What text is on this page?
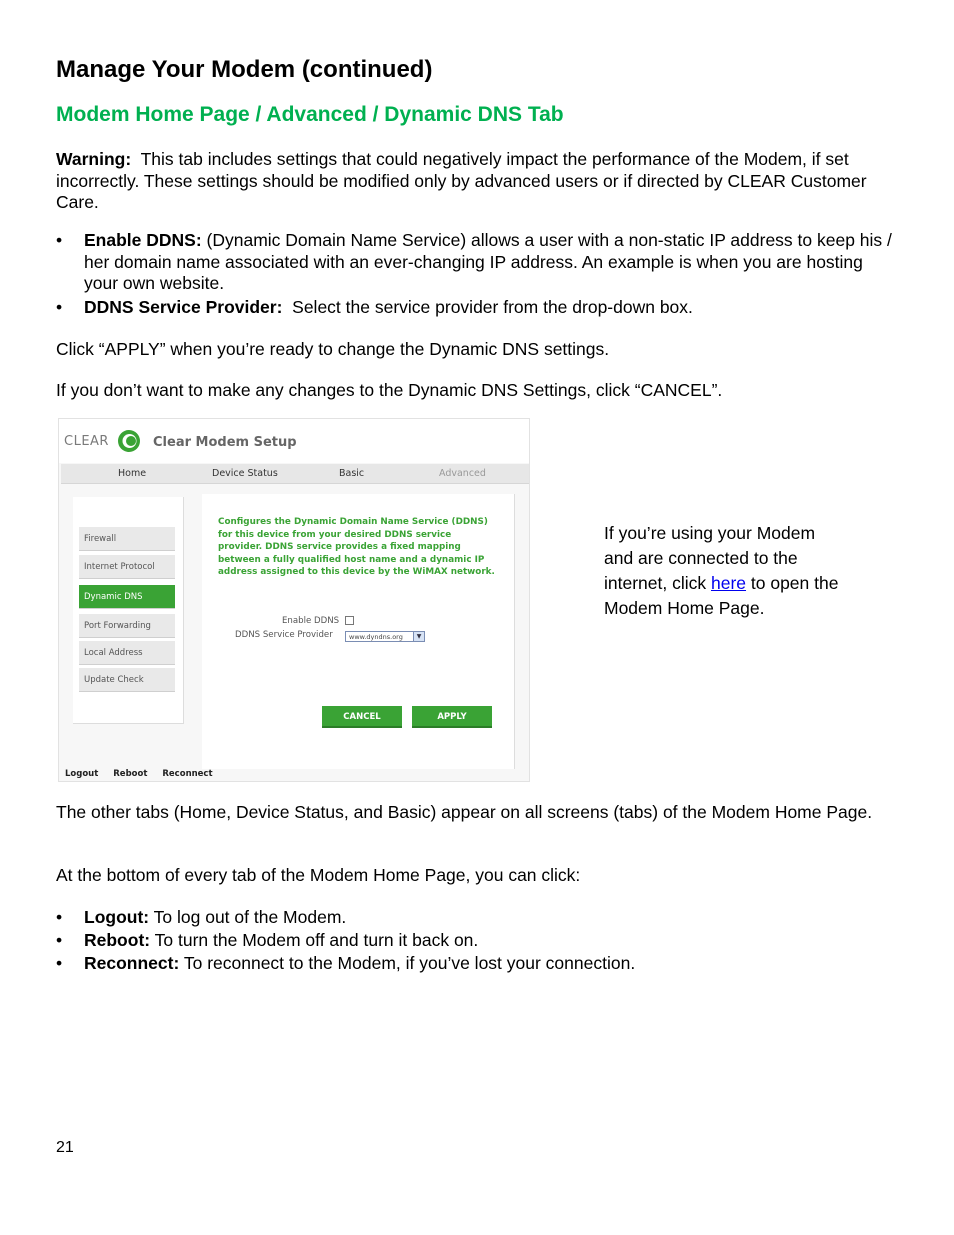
Manage Your Modem (continued)
Modem Home Page / Advanced / Dynamic DNS Tab
Warning: This tab includes settings that could negatively impact the performance of the Modem, if set incorrectly. These settings should be modified only by advanced users or if directed by CLEAR Customer Care.
• Enable DDNS: (Dynamic Domain Name Service) allows a user with a non-static IP address to keep his / her domain name associated with an ever-changing IP address. An example is when you are hosting your own website.
• DDNS Service Provider: Select the service provider from the drop-down box.
Click “APPLY” when you’re ready to change the Dynamic DNS settings.
If you don’t want to make any changes to the Dynamic DNS Settings, click “CANCEL”.
CLEAR	Clear Modem Setup
Home	Device Status	Basic	Advanced
Firewall
Internet Protocol
Dynamic DNS
Port Forwarding
Local Address
Update Check
Configures the Dynamic Domain Name Service (DDNS) for this device from your desired DDNS service provider. DDNS service provides a fixed mapping between a fully qualified host name and a dynamic IP address assigned to this device by the WiMAX network.
Enable DDNS
DDNS Service Provider	www.dyndns.org	▼
CANCEL	APPLY
Logout Reboot Reconnect
If you’re using your Modem and are connected to the internet, click here to open the Modem Home Page.
The other tabs (Home, Device Status, and Basic) appear on all screens (tabs) of the Modem Home Page.
At the bottom of every tab of the Modem Home Page, you can click:
• Logout: To log out of the Modem.
• Reboot: To turn the Modem off and turn it back on.
• Reconnect: To reconnect to the Modem, if you’ve lost your connection.
21
